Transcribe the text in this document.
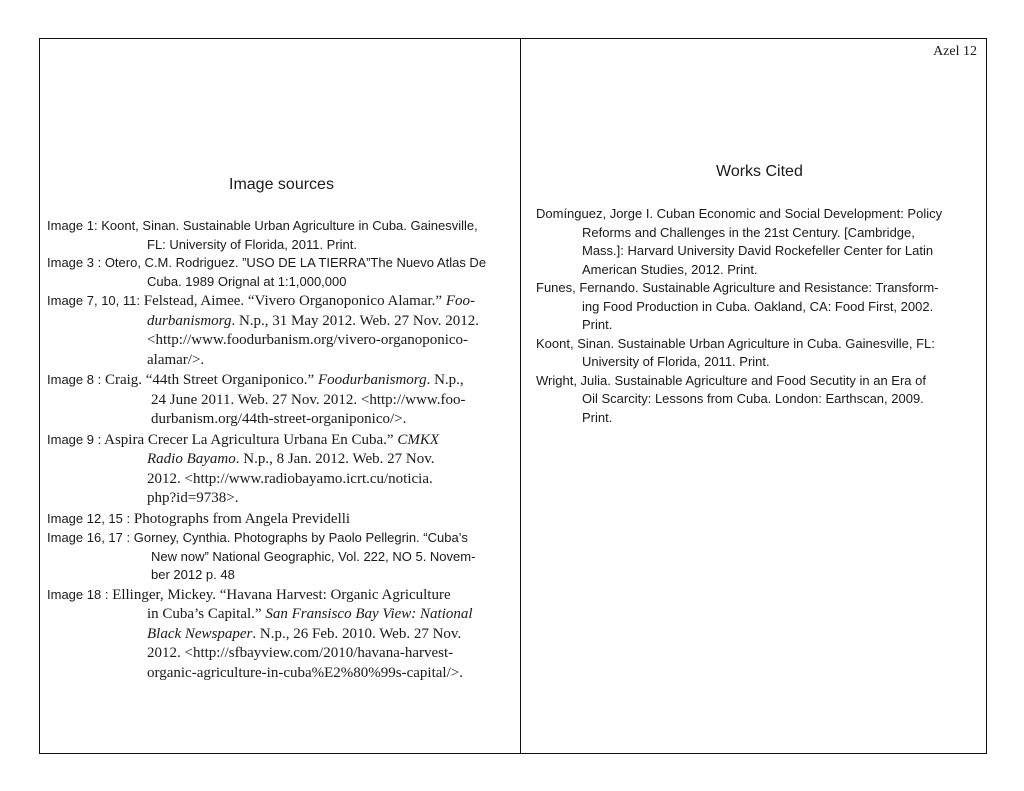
Image sources
Image 1: Koont, Sinan. Sustainable Urban Agriculture in Cuba. Gainesville,
FL: University of Florida, 2011. Print.
Image 3 : Otero, C.M. Rodriguez. ”USO DE LA TIERRA”The Nuevo Atlas De
Cuba. 1989 Orignal at 1:1,000,000
Image 7, 10, 11: Felstead, Aimee. “Vivero Organoponico Alamar.” Foo-
durbanismorg. N.p., 31 May 2012. Web. 27 Nov. 2012.
<http://www.foodurbanism.org/vivero-organoponico-
alamar/>.
Image 8 : Craig. “44th Street Organiponico.” Foodurbanismorg. N.p.,
24 June 2011. Web. 27 Nov. 2012. <http://www.foo-
durbanism.org/44th-street-organiponico/>.
Image 9 : Aspira Crecer La Agricultura Urbana En Cuba.” CMKX
Radio Bayamo. N.p., 8 Jan. 2012. Web. 27 Nov.
2012. <http://www.radiobayamo.icrt.cu/noticia.
php?id=9738>.
Image 12, 15 : Photographs from Angela Previdelli
Image 16, 17 : Gorney, Cynthia. Photographs by Paolo Pellegrin. “Cuba’s
New now” National Geographic, Vol. 222, NO 5. Novem-
ber 2012 p. 48
Image 18 : Ellinger, Mickey. “Havana Harvest: Organic Agriculture
in Cuba’s Capital.” San Fransisco Bay View: National
Black Newspaper. N.p., 26 Feb. 2010. Web. 27 Nov.
2012. <http://sfbayview.com/2010/havana-harvest-
organic-agriculture-in-cuba%E2%80%99s-capital/>.
Azel 12
Works Cited
Domínguez, Jorge I. Cuban Economic and Social Development: Policy
Reforms and Challenges in the 21st Century. [Cambridge,
Mass.]: Harvard University David Rockefeller Center for Latin
American Studies, 2012. Print.
Funes, Fernando. Sustainable Agriculture and Resistance: Transform-
ing Food Production in Cuba. Oakland, CA: Food First, 2002.
Print.
Koont, Sinan. Sustainable Urban Agriculture in Cuba. Gainesville, FL:
University of Florida, 2011. Print.
Wright, Julia. Sustainable Agriculture and Food Secutity in an Era of
Oil Scarcity: Lessons from Cuba. London: Earthscan, 2009.
Print.
